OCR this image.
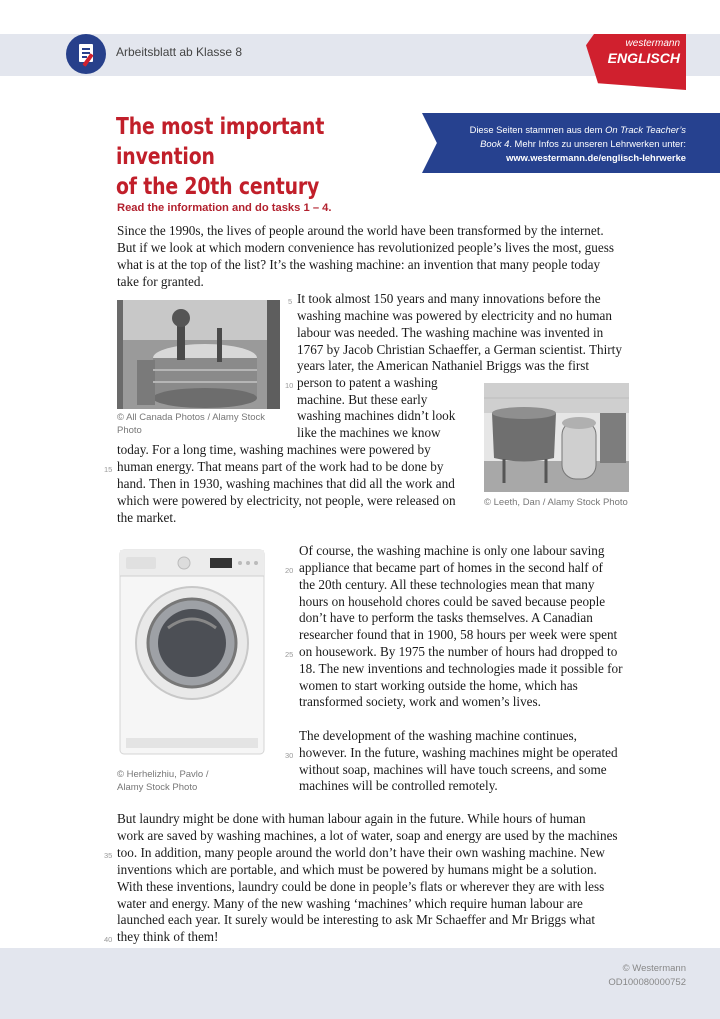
Arbeitsblatt ab Klasse 8
westermann
ENGLISCH
The most important invention
of the 20th century
Diese Seiten stammen aus dem On Track Teacher’s
Book 4. Mehr Infos zu unseren Lehrwerken unter:
www.westermann.de/englisch-lehrwerke
Read the information and do tasks 1 – 4.
Since the 1990s, the lives of people around the world have been transformed by the internet.
But if we look at which modern convenience has revolutionized people’s lives the most, guess
what is at the top of the list? It’s the washing machine: an invention that many people today
take for granted.
© All Canada Photos / Alamy Stock
Photo
5 It took almost 150 years and many innovations before the
washing machine was powered by electricity and no human
labour was needed. The washing machine was invented in
1767 by Jacob Christian Schaeffer, a German scientist. Thirty
years later, the American Nathaniel Briggs was the first
10 person to patent a washing
machine. But these early
washing machines didn’t look
like the machines we know
© Leeth, Dan / Alamy Stock Photo
today. For a long time, washing machines were powered by
15 human energy. That means part of the work had to be done by
hand. Then in 1930, washing machines that did all the work and
which were powered by electricity, not people, were released on
the market.
© Herhelizhiu, Pavlo /
Alamy Stock Photo
Of course, the washing machine is only one labour saving
20 appliance that became part of homes in the second half of
the 20th century. All these technologies mean that many
hours on household chores could be saved because people
don’t have to perform the tasks themselves. A Canadian
researcher found that in 1900, 58 hours per week were spent
25 on housework. By 1975 the number of hours had dropped to
18. The new inventions and technologies made it possible for
women to start working outside the home, which has
transformed society, work and women’s lives.
The development of the washing machine continues,
30 however. In the future, washing machines might be operated
without soap, machines will have touch screens, and some
machines will be controlled remotely.
But laundry might be done with human labour again in the future. While hours of human
work are saved by washing machines, a lot of water, soap and energy are used by the machines
35 too. In addition, many people around the world don’t have their own washing machine. New
inventions which are portable, and which must be powered by humans might be a solution.
With these inventions, laundry could be done in people’s flats or wherever they are with less
water and energy. Many of the new washing ‘machines’ which require human labour are
launched each year. It surely would be interesting to ask Mr Schaeffer and Mr Briggs what
40 they think of them!
© Westermann
OD100080000752
